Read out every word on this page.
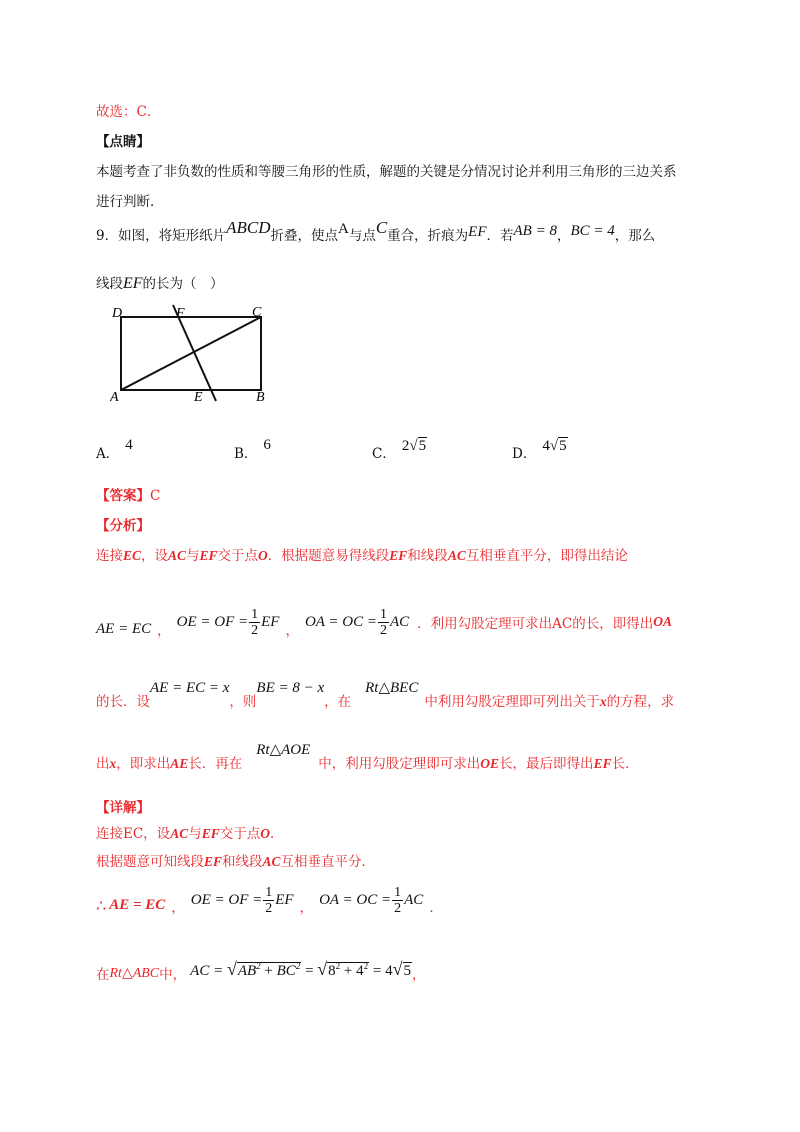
故选：C．
【点睛】
本题考查了非负数的性质和等腰三角形的性质，解题的关键是分情况讨论并利用三角形的三边关系
进行判断．
9．如图，将矩形纸片ABCD折叠，使点A与点C重合，折痕为EF．若AB = 8，BC = 4，那么
线段EF的长为（　）
D	F	C
A	E	B
A．4
B．6
C． 2√5	D． 4√5
【答案】C
【分析】
连接EC，设AC与EF交于点O．根据题意易得线段EF和线段AC互相垂直平分，即得出结论
AE = EC ，
OE = OF = $\frac{1}{2}$ EF
，
OA = OC = $\frac{1}{2}$ AC ．利用勾股定理可求出AC的长，即得出 OA
的长．设AE = EC = x，则BE = 8 − x，在Rt△BEC中利用勾股定理即可列出关于x的方程，求
出x，即求出AE长．再在Rt△AOE中，利用勾股定理即可求出OE长，最后即得出EF长．
【详解】
连接EC，设AC与EF交于点O．
根据题意可知线段EF和线段AC互相垂直平分．
∴ AE = EC ，
OE = OF = $\frac{1}{2}$ EF
，
OA = OC = $\frac{1}{2}$ AC
．
在 Rt△ABC 中， AC = $√AB^2 + BC^2 = √8^2 + 4^2 = 4√5$ ，
